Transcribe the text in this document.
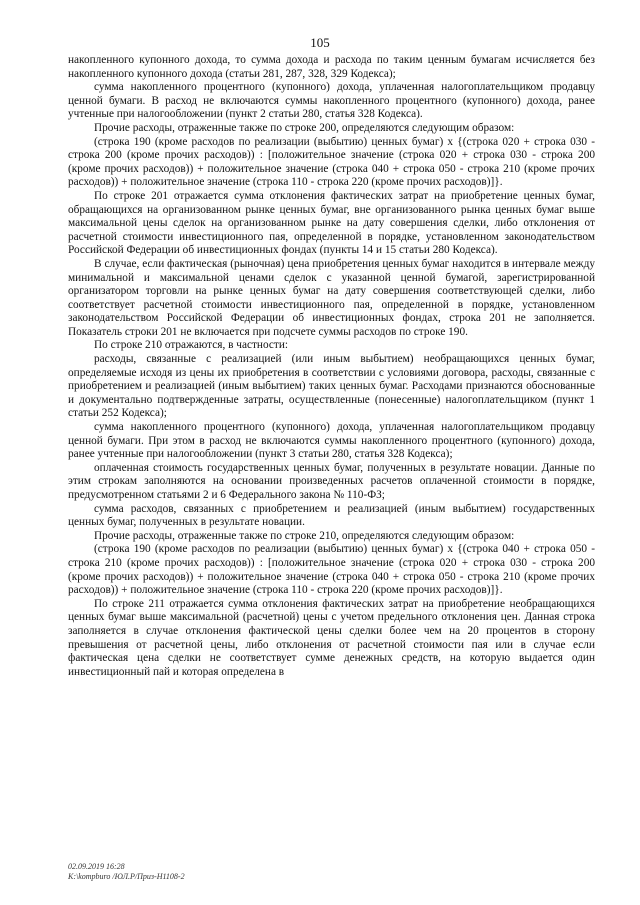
105

накопленного купонного дохода, то сумма дохода и расхода по таким ценным бумагам исчисляется без накопленного купонного дохода (статьи 281, 287, 328, 329 Кодекса);

сумма накопленного процентного (купонного) дохода, уплаченная налогоплательщиком продавцу ценной бумаги. В расход не включаются суммы накопленного процентного (купонного) дохода, ранее учтенные при налогообложении (пункт 2 статьи 280, статья 328 Кодекса).

Прочие расходы, отраженные также по строке 200, определяются следующим образом:

(строка 190 (кроме расходов по реализации (выбытию) ценных бумаг) x {(строка 020 + строка 030 - строка 200 (кроме прочих расходов)) : [положительное значение (строка 020 + строка 030 - строка 200 (кроме прочих расходов)) + положительное значение (строка 040 + строка 050 - строка 210 (кроме прочих расходов)) + положительное значение (строка 110 - строка 220 (кроме прочих расходов)]}.

По строке 201 отражается сумма отклонения фактических затрат на приобретение ценных бумаг, обращающихся на организованном рынке ценных бумаг, вне организованного рынка ценных бумаг выше максимальной цены сделок на организованном рынке на дату совершения сделки, либо отклонения от расчетной стоимости инвестиционного пая, определенной в порядке, установленном законодательством Российской Федерации об инвестиционных фондах (пункты 14 и 15 статьи 280 Кодекса).

В случае, если фактическая (рыночная) цена приобретения ценных бумаг находится в интервале между минимальной и максимальной ценами сделок с указанной ценной бумагой, зарегистрированной организатором торговли на рынке ценных бумаг на дату совершения соответствующей сделки, либо соответствует расчетной стоимости инвестиционного пая, определенной в порядке, установленном законодательством Российской Федерации об инвестиционных фондах, строка 201 не заполняется. Показатель строки 201 не включается при подсчете суммы расходов по строке 190.

По строке 210 отражаются, в частности:

расходы, связанные с реализацией (или иным выбытием) необращающихся ценных бумаг, определяемые исходя из цены их приобретения в соответствии с условиями договора, расходы, связанные с приобретением и реализацией (иным выбытием) таких ценных бумаг. Расходами признаются обоснованные и документально подтвержденные затраты, осуществленные (понесенные) налогоплательщиком (пункт 1 статьи 252 Кодекса);

сумма накопленного процентного (купонного) дохода, уплаченная налогоплательщиком продавцу ценной бумаги. При этом в расход не включаются суммы накопленного процентного (купонного) дохода, ранее учтенные при налогообложении (пункт 3 статьи 280, статья 328 Кодекса);

оплаченная стоимость государственных ценных бумаг, полученных в результате новации. Данные по этим строкам заполняются на основании произведенных расчетов оплаченной стоимости в порядке, предусмотренном статьями 2 и 6 Федерального закона № 110-ФЗ;

сумма расходов, связанных с приобретением и реализацией (иным выбытием) государственных ценных бумаг, полученных в результате новации.

Прочие расходы, отраженные также по строке 210, определяются следующим образом:

(строка 190 (кроме расходов по реализации (выбытию) ценных бумаг) x {(строка 040 + строка 050 - строка 210 (кроме прочих расходов)) : [положительное значение (строка 020 + строка 030 - строка 200 (кроме прочих расходов)) + положительное значение (строка 040 + строка 050 - строка 210 (кроме прочих расходов)) + положительное значение (строка 110 - строка 220 (кроме прочих расходов)]}.

По строке 211 отражается сумма отклонения фактических затрат на приобретение необращающихся ценных бумаг выше максимальной (расчетной) цены с учетом предельного отклонения цен. Данная строка заполняется в случае отклонения фактической цены сделки более чем на 20 процентов в сторону превышения от расчетной цены, либо отклонения от расчетной стоимости пая или в случае если фактическая цена сделки не соответствует сумме денежных средств, на которую выдается один инвестиционный пай и которая определена в

02.09.2019 16:28
К:\kompburo /ЮЛ.Р/Приз-Н1108-2
